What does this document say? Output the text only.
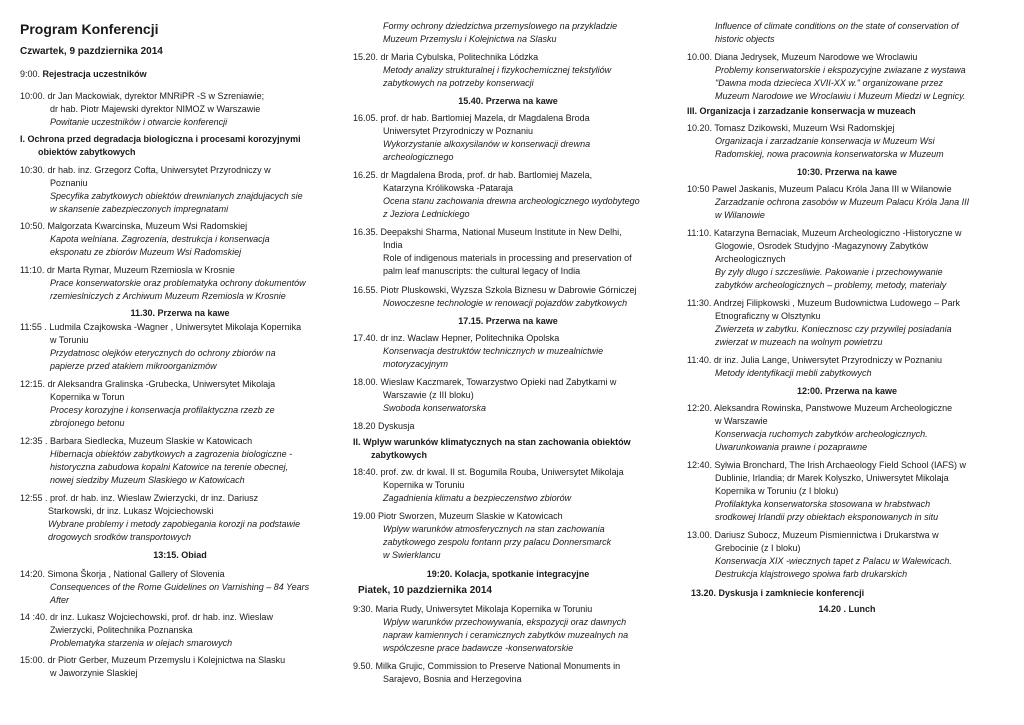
Program Konferencji
Czwartek, 9 pazdziernika 2014
9:00. Rejestracja uczestników
10:00. dr Jan Mackowiak, dyrektor MNRiPR -S w Szreniawie;
dr hab. Piotr Majewski dyrektor NIMOZ w Warszawie
Powitanie uczestników i otwarcie konferencji
I. Ochrona przed degradacja biologiczna i procesami korozyjnymi
obiektów zabytkowych
10:30. dr hab. inz. Grzegorz Cofta, Uniwersytet Przyrodniczy w
Poznaniu
Specyfika zabytkowych obiektów drewnianych znajdujacych sie
w skansenie zabezpieczonych impregnatami
10:50. Malgorzata Kwarcinska, Muzeum Wsi Radomskiej
Kapota welniana. Zagrozenia, destrukcja i konserwacja
eksponatu ze zbiorów Muzeum Wsi Radomskiej
11:10. dr Marta Rymar, Muzeum Rzemiosla w Krosnie
Prace konserwatorskie oraz problematyka ochrony dokumentów
rzemieslniczych z Archiwum Muzeum Rzemiosla w Krosnie
11.30. Przerwa na kawe
11:55 . Ludmila Czajkowska -Wagner , Uniwersytet Mikolaja Kopernika
w Toruniu
Przydatnosc olejków eterycznych do ochrony zbiorów na
papierze przed atakiem mikroorganizmów
12:15. dr Aleksandra Gralinska -Grubecka, Uniwersytet Mikolaja
Kopernika w Torun
Procesy korozyjne i konserwacja profilaktyczna rzezb ze
zbrojonego betonu
12:35 . Barbara Siedlecka, Muzeum Slaskie w Katowicach
Hibernacja obiektów zabytkowych a zagrozenia biologiczne -
historyczna zabudowa kopalni Katowice na terenie obecnej,
nowej siedziby Muzeum Slaskiego w Katowicach
12:55 . prof. dr hab. inz. Wieslaw Zwierzycki, dr inz. Dariusz
Starkowski, dr inz. Lukasz Wojciechowski
Wybrane problemy i metody zapobiegania korozji na podstawie
drogowych srodków transportowych
13:15. Obiad
14:20. Simona Škorja , National Gallery of Slovenia
Consequences of the Rome Guidelines on Varnishing – 84 Years
After
14 :40. dr inz. Lukasz Wojciechowski, prof. dr hab. inz. Wieslaw
Zwierzycki, Politechnika Poznanska
Problematyka starzenia w olejach smarowych
15:00. dr Piotr Gerber, Muzeum Przemyslu i Kolejnictwa na Slasku
w Jaworzynie Slaskiej
Formy ochrony dziedzictwa przemyslowego na przykladzie
Muzeum Przemyslu i Kolejnictwa na Slasku
15.20. dr Maria Cybulska, Politechnika Lódzka
Metody analizy strukturalnej i fizykochemicznej tekstyliów
zabytkowych na potrzeby konserwacji
15.40. Przerwa na kawe
16.05. prof. dr hab. Bartlomiej Mazela, dr Magdalena Broda
Uniwersytet Przyrodniczy w Poznaniu
Wykorzystanie alkoxysilanów w konserwacji drewna
archeologicznego
16.25. dr Magdalena Broda, prof. dr hab. Bartlomiej Mazela,
Katarzyna Królikowska -Pataraja
Ocena stanu zachowania drewna archeologicznego wydobytego
z Jeziora Lednickiego
16.35. Deepakshi Sharma, National Museum Institute in New Delhi,
India
Role of indigenous materials in processing and preservation of
palm leaf manuscripts: the cultural legacy of India
16.55. Piotr Pluskowski, Wyzsza Szkola Biznesu w Dabrowie Górniczej
Nowoczesne technologie w renowacji pojazdów zabytkowych
17.15. Przerwa na kawe
17.40. dr inz. Waclaw Hepner, Politechnika Opolska
Konserwacja destruktów technicznych w muzealnictwie
motoryzacyjnym
18.00. Wieslaw Kaczmarek, Towarzystwo Opieki nad Zabytkami w
Warszawie (z III bloku)
Swoboda konserwatorska
18.20 Dyskusja
II. Wplyw warunków klimatycznych na stan zachowania obiektów
zabytkowych
18:40. prof. zw. dr kwal. II st. Bogumila Rouba, Uniwersytet Mikolaja
Kopernika w Toruniu
Zagadnienia klimatu a bezpieczenstwo zbiorów
19.00 Piotr Sworzen, Muzeum Slaskie w Katowicach
Wplyw warunków atmosferycznych na stan zachowania
zabytkowego zespolu fontann przy palacu Donnersmarck
w Swierklancu
19:20. Kolacja, spotkanie integracyjne
Piatek, 10 pazdziernika 2014
9:30. Maria Rudy, Uniwersytet Mikolaja Kopernika w Toruniu
Wplyw warunków przechowywania, ekspozycji oraz dawnych
napraw kamiennych i ceramicznych zabytków muzealnych na
wspólczesne prace badawcze -konserwatorskie
9.50. Milka Grujic, Commission to Preserve National Monuments in
Sarajevo, Bosnia and Herzegovina
Influence of climate conditions on the state of conservation of
historic objects
10.00. Diana Jedrysek, Muzeum Narodowe we Wroclawiu
Problemy konserwatorskie i ekspozycyjne zwiazane z wystawa
"Dawna moda dziecieca XVII-XX w." organizowane przez
Muzeum Narodowe we Wroclawiu i Muzeum Miedzi w Legnicy.
III. Organizacja i zarzadzanie konserwacja w muzeach
10.20. Tomasz Dzikowski, Muzeum Wsi Radomskjej
Organizacja i zarzadzanie konserwacja w Muzeum Wsi
Radomskiej, nowa pracownia konserwatorska w Muzeum
10:30. Przerwa na kawe
10:50 Pawel Jaskanis, Muzeum Palacu Króla Jana III w Wilanowie
Zarzadzanie ochrona zasobów w Muzeum Palacu Króla Jana III
w Wilanowie
11:10. Katarzyna Bernaciak, Muzeum Archeologiczno -Historyczne w
Glogowie, Osrodek Studyjno -Magazynowy Zabytków
Archeologicznych
By zyly dlugo i szczesliwie. Pakowanie i przechowywanie
zabytków archeologicznych – problemy, metody, materialy
11:30. Andrzej Filipkowski , Muzeum Budownictwa Ludowego – Park
Etnograficzny w Olsztynku
Zwierzeta w zabytku. Koniecznosc czy przywilej posiadania
zwierzat w muzeach na wolnym powietrzu
11:40. dr inz. Julia Lange, Uniwersytet Przyrodniczy w Poznaniu
Metody identyfikacji mebli zabytkowych
12:00. Przerwa na kawe
12:20. Aleksandra Rowinska, Panstwowe Muzeum Archeologiczne
w Warszawie
Konserwacja ruchomych zabytków archeologicznych.
Uwarunkowania prawne i pozaprawne
12:40. Sylwia Bronchard, The Irish Archaeology Field School (IAFS) w
Dublinie, Irlandia; dr Marek Kolyszko, Uniwersytet Mikolaja
Kopernika w Toruniu (z I bloku)
Profilaktyka konserwatorska stosowana w hrabstwach
srodkowej Irlandii przy obiektach eksponowanych in situ
13.00. Dariusz Subocz, Muzeum Pismiennictwa i Drukarstwa w
Grebocinie (z I bloku)
Konserwacja XIX -wiecznych tapet z Palacu w Walewicach.
Destrukcja klajstrowego spoiwa farb drukarskich
13.20. Dyskusja i zamkniecie konferencji
14.20 . Lunch
